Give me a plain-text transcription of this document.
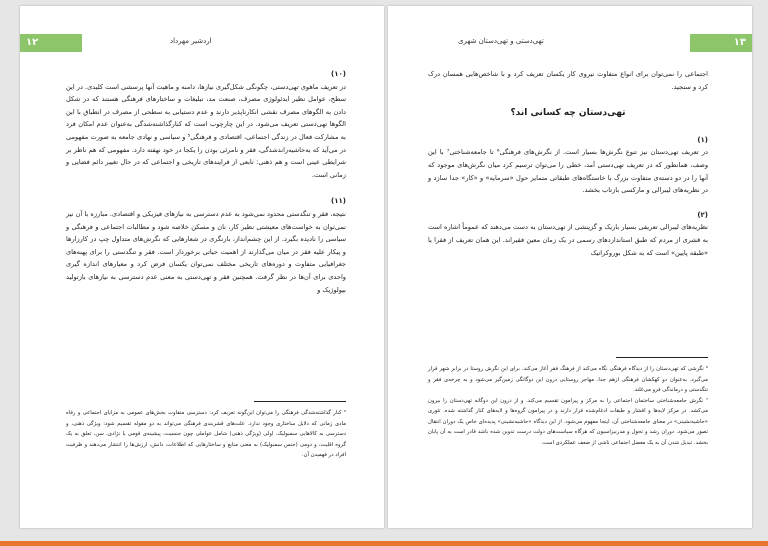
۱۲	اردشیر مهرداد

(۱۰)

در تعریف ماهوی تهی‌دستی، چگونگی شکل‌گیری نیازها، دامنه و ماهیت آنها پرسشی است کلیدی. در این سطح، عوامل نظیر ایدئولوژی مصرف، صنعت مد، تبلیغات و ساختارهای فرهنگی هستند که در شکل دادن به الگوهای مصرف نقشی انکارناپذیر دارند و عدم دستیابی به سطحی از مصرف در انطباق با این الگوها تهی‌دستی تعریف می‌شود. در این چارچوب است که کنارگذاشته‌شدگی به‌عنوان عدم امکان فرد به مشارکت فعال در زندگی اجتماعی، اقتصادی و فرهنگی⁵ و سیاسی و نهادی جامعه به صورت مفهومی در می‌آید که به‌حاشیه‌راندشدگی، فقر و نامرئی بودن را یکجا در خود نهفته دارد. مفهومی که هم ناظر بر شرایطی عینی است و هم ذهنی: تابعی از فرایندهای تاریخی و اجتماعی که در حال تغییر دائم فضایی و زمانی است.

(۱۱)

نتیجه، فقر و تنگدستی محدود نمی‌شود به عدم دسترسی به نیازهای فیزیکی و اقتصادی. مبارزه با آن نیز نمی‌توان به خواست‌های معیشتی نظیر کار، نان و مسکن خلاصه شود و مطالبات اجتماعی و فرهنگی و سیاسی را نادیده بگیرد. از این چشم‌انداز، بازنگری در شعارهایی که نگرش‌های متداول چپ در کارزارها و پیکار علیه فقر در میان می‌گذارند از اهمیت حیاتی برخوردار است. فقر و تنگدستی را برای پهنه‌های جغرافیایی متفاوت و دوره‌های تاریخی مختلف نمی‌توان یکسان فرض کرد و معیارهای اندازه گیری واحدی برای آن‌ها در نظر گرفت. همچنین فقر و تهی‌دستی به معنی عدم دسترسی به نیازهای بازتولید بیولوژیک و

⁵ کنار گذاشته‌شدگی فرهنگی را می‌توان این‌گونه تعریف کرد: دسترسی متفاوت بخش‌های عمومی به مزایای اجتماعی و رفاه مادی زمانی که دلایل ساختاری وجود ندارد. علت‌های قشربندی فرهنگی می‌تواند به دو مقوله تقسیم شود: ویژگی ذهنی، و دسترسی به کالاهایی سمبولیک. اولی (ویژگی ذهنی) شامل عواملی چون جنسیت، پیشینه‌ی قومی یا نژادی، سن، تعلق به یک گروه اقلیت، و دومی (جنس سمبولیک) به معنی منابع و ساختارهایی که اطلاعات، دانش، ارزش‌ها را انتشار می‌دهند و ظرفیت افراد در فهمیدن آن.
۱۳
تهی‌دستی و تهی‌دستان شهری

اجتماعی را نمی‌توان برای انواع متفاوت نیروی کار یکسان تعریف کرد و با شاخص‌هایی همسان درک کرد و سنجید.

تهی‌دستان چه کسانی اند؟

(۱)

در تعریف تهی‌دستان نیز تنوع نگرش‌ها بسیار است. از نگرش‌های فرهنگی⁶ تا جامعه‌شناختی⁷ با این وصف، همانطور که در تعریف تهی‌دستی آمد، خطی را می‌توان ترسیم کرد میان نگرش‌های موجود که آنها را در دو دسته‌ی متفاوت بزرگ با خاستگاه‌های طبقاتی متمایز حول «سرمایه» و «کار» جدا سازد و در نظریه‌های لیبرالی و مارکسی بازتاب بخشد.

(۲)

نظریه‌های لیبرالی تعریفی بسیار باریک و گزینشی از تهی‌دستان به دست می‌دهند که عموماً اشاره است به قشری از مردم که طبق استانداردهای رسمی در یک زمان معین فقیراند. این همان تعریف از فقرا یا «طبقه پایین» است که به شکل بوروکراتیک

⁶ نگرشی که تهی‌دستان را از دیدگاه فرهنگی نگاه می‌کند از فرهنگ فقر آغاز می‌کند. برای این نگرش روستا در برابر شهر قرار می‌گیرد. به‌عنوان دو کهکشان فرهنگی ازهم جدا. مهاجر روستایی درون این دوگانگی زمین‌گیر می‌شود و به چرخه‌ی فقر و تنگدستی و درماندگی فرو می‌غلتد.

⁷ نگرش جامعه‌شناختی ساختمان اجتماعی را به مرکز و پیرامون تقسیم می‌کند. و از درون این دوگانه تهی‌دستان را بیرون می‌کشد. در مرکز لایه‌ها و اقشار و طبقات ادغام‌شده قرار دارند و در پیرامون گروه‌ها و لایه‌های کنار گذاشته شده. تئوری «حاشیه‌نشینی» در معنای جامعه‌شناختی آن، اینجا مفهوم می‌شود. از این دیدگاه «حاشیه‌نشینی» پدیده‌ای خاص یک دوران انتقال تصور می‌شود. دوران رشد و تحول و مدرنیزاسیون که هرگاه سیاست‌های دولت درست تدوین شده باشد قادر است به آن پایان بخشد. تبدیل شدن آن به یک معضل اجتماعی ناشی از ضعف عملکردی است.
